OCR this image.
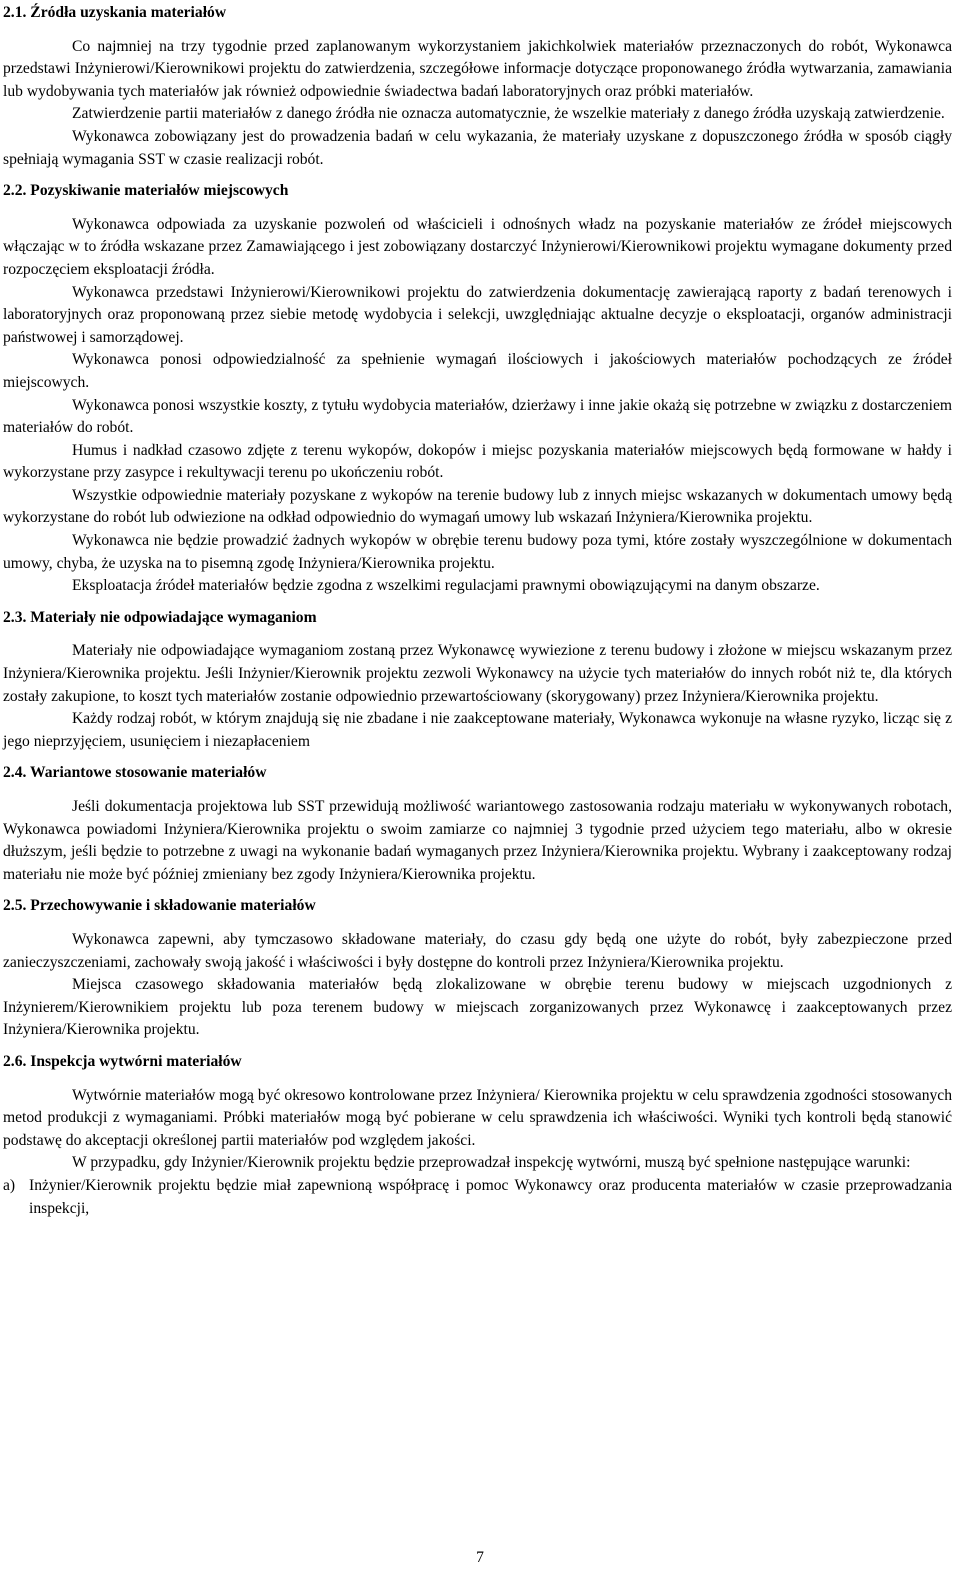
2.1. Źródła uzyskania materiałów

Co najmniej na trzy tygodnie przed zaplanowanym wykorzystaniem jakichkolwiek materiałów przeznaczonych do robót, Wykonawca przedstawi Inżynierowi/Kierownikowi projektu do zatwierdzenia, szczegółowe informacje dotyczące proponowanego źródła wytwarzania, zamawiania lub wydobywania tych materiałów jak również odpowiednie świadectwa badań laboratoryjnych oraz próbki materiałów.

Zatwierdzenie partii materiałów z danego źródła nie oznacza automatycznie, że wszelkie materiały z danego źródła uzyskają zatwierdzenie.

Wykonawca zobowiązany jest do prowadzenia badań w celu wykazania, że materiały uzyskane z dopuszczonego źródła w sposób ciągły spełniają wymagania SST w czasie realizacji robót.

2.2. Pozyskiwanie materiałów miejscowych

Wykonawca odpowiada za uzyskanie pozwoleń od właścicieli i odnośnych władz na pozyskanie materiałów ze źródeł miejscowych włączając w to źródła wskazane przez Zamawiającego i jest zobowiązany dostarczyć Inżynierowi/Kierownikowi projektu wymagane dokumenty przed rozpoczęciem eksploatacji źródła.

Wykonawca przedstawi Inżynierowi/Kierownikowi projektu do zatwierdzenia dokumentację zawierającą raporty z badań terenowych i laboratoryjnych oraz proponowaną przez siebie metodę wydobycia i selekcji, uwzględniając aktualne decyzje o eksploatacji, organów administracji państwowej i samorządowej.

Wykonawca ponosi odpowiedzialność za spełnienie wymagań ilościowych i jakościowych materiałów pochodzących ze źródeł miejscowych.

Wykonawca ponosi wszystkie koszty, z tytułu wydobycia materiałów, dzierżawy i inne jakie okażą się potrzebne w związku z dostarczeniem materiałów do robót.

Humus i nadkład czasowo zdjęte z terenu wykopów, dokopów i miejsc pozyskania materiałów miejscowych będą formowane w hałdy i wykorzystane przy zasypce i rekultywacji terenu po ukończeniu robót.

Wszystkie odpowiednie materiały pozyskane z wykopów na terenie budowy lub z innych miejsc wskazanych w dokumentach umowy będą wykorzystane do robót lub odwiezione na odkład odpowiednio do wymagań umowy lub wskazań Inżyniera/Kierownika projektu.

Wykonawca nie będzie prowadzić żadnych wykopów w obrębie terenu budowy poza tymi, które zostały wyszczególnione w dokumentach umowy, chyba, że uzyska na to pisemną zgodę Inżyniera/Kierownika projektu.

Eksploatacja źródeł materiałów będzie zgodna z wszelkimi regulacjami prawnymi obowiązującymi na danym obszarze.

2.3. Materiały nie odpowiadające wymaganiom

Materiały nie odpowiadające wymaganiom zostaną przez Wykonawcę wywiezione z terenu budowy i złożone w miejscu wskazanym przez Inżyniera/Kierownika projektu. Jeśli Inżynier/Kierownik projektu zezwoli Wykonawcy na użycie tych materiałów do innych robót niż te, dla których zostały zakupione, to koszt tych materiałów zostanie odpowiednio przewartościowany (skorygowany) przez Inżyniera/Kierownika projektu.

Każdy rodzaj robót, w którym znajdują się nie zbadane i nie zaakceptowane materiały, Wykonawca wykonuje na własne ryzyko, licząc się z jego nieprzyjęciem, usunięciem i niezapłaceniem

2.4. Wariantowe stosowanie materiałów

Jeśli dokumentacja projektowa lub SST przewidują możliwość wariantowego zastosowania rodzaju materiału w wykonywanych robotach, Wykonawca powiadomi Inżyniera/Kierownika projektu o swoim zamiarze co najmniej 3 tygodnie przed użyciem tego materiału, albo w okresie dłuższym, jeśli będzie to potrzebne z uwagi na wykonanie badań wymaganych przez Inżyniera/Kierownika projektu. Wybrany i zaakceptowany rodzaj materiału nie może być później zmieniany bez zgody Inżyniera/Kierownika projektu.

2.5. Przechowywanie i składowanie materiałów

Wykonawca zapewni, aby tymczasowo składowane materiały, do czasu gdy będą one użyte do robót, były zabezpieczone przed zanieczyszczeniami, zachowały swoją jakość i właściwości i były dostępne do kontroli przez Inżyniera/Kierownika projektu.

Miejsca czasowego składowania materiałów będą zlokalizowane w obrębie terenu budowy w miejscach uzgodnionych z Inżynierem/Kierownikiem projektu lub poza terenem budowy w miejscach zorganizowanych przez Wykonawcę i zaakceptowanych przez Inżyniera/Kierownika projektu.

2.6. Inspekcja wytwórni materiałów

Wytwórnie materiałów mogą być okresowo kontrolowane przez Inżyniera/ Kierownika projektu w celu sprawdzenia zgodności stosowanych metod produkcji z wymaganiami. Próbki materiałów mogą być pobierane w celu sprawdzenia ich właściwości. Wyniki tych kontroli będą stanowić podstawę do akceptacji określonej partii materiałów pod względem jakości.

W przypadku, gdy Inżynier/Kierownik projektu będzie przeprowadzał inspekcję wytwórni, muszą być spełnione następujące warunki:

a) Inżynier/Kierownik projektu będzie miał zapewnioną współpracę i pomoc Wykonawcy oraz producenta materiałów w czasie przeprowadzania inspekcji,
7
